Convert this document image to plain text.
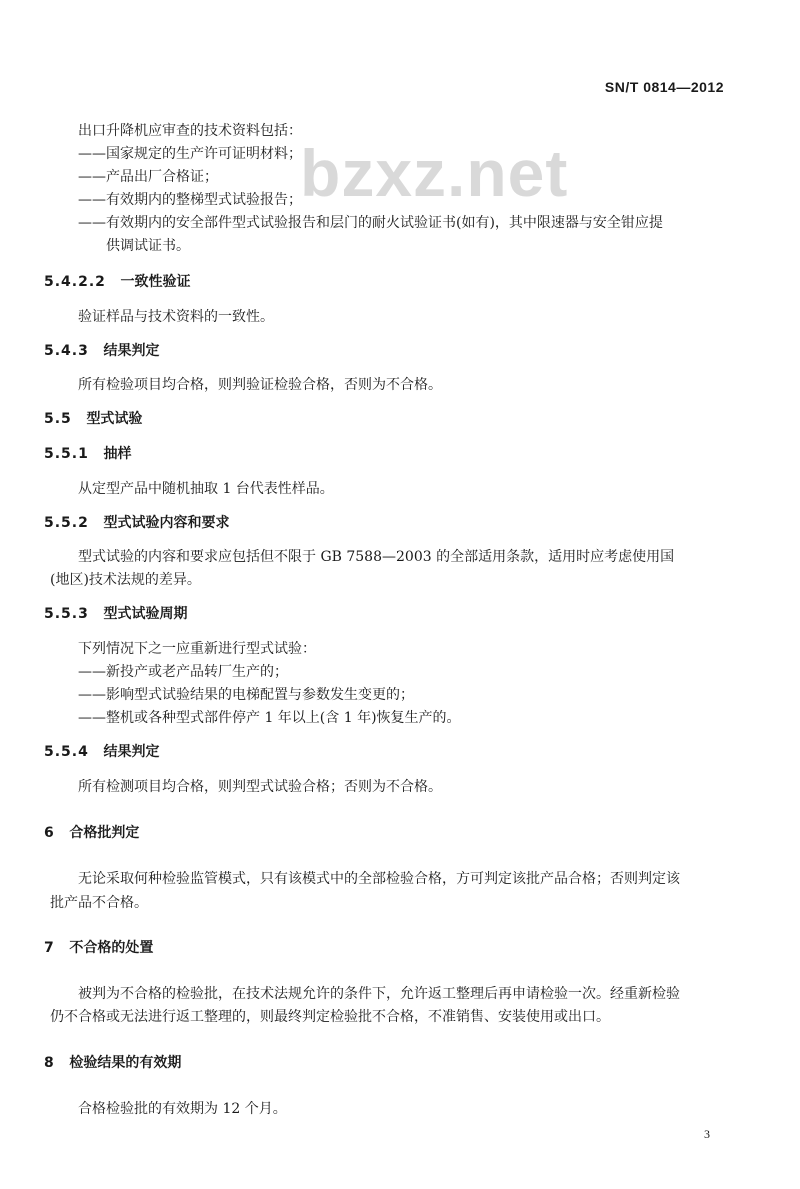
SN/T 0814—2012
bzxz.net
出口升降机应审查的技术资料包括：
——国家规定的生产许可证明材料；
——产品出厂合格证；
——有效期内的整梯型式试验报告；
——有效期内的安全部件型式试验报告和层门的耐火试验证书(如有)，其中限速器与安全钳应提
供调试证书。
5.4.2.2 一致性验证
验证样品与技术资料的一致性。
5.4.3 结果判定
所有检验项目均合格，则判验证检验合格，否则为不合格。
5.5 型式试验
5.5.1 抽样
从定型产品中随机抽取 1 台代表性样品。
5.5.2 型式试验内容和要求
型式试验的内容和要求应包括但不限于 GB 7588—2003 的全部适用条款，适用时应考虑使用国
(地区)技术法规的差异。
5.5.3 型式试验周期
下列情况下之一应重新进行型式试验：
——新投产或老产品转厂生产的；
——影响型式试验结果的电梯配置与参数发生变更的；
——整机或各种型式部件停产 1 年以上(含 1 年)恢复生产的。
5.5.4 结果判定
所有检测项目均合格，则判型式试验合格；否则为不合格。
6 合格批判定
无论采取何种检验监管模式，只有该模式中的全部检验合格，方可判定该批产品合格；否则判定该
批产品不合格。
7 不合格的处置
被判为不合格的检验批，在技术法规允许的条件下，允许返工整理后再申请检验一次。经重新检验
仍不合格或无法进行返工整理的，则最终判定检验批不合格，不准销售、安装使用或出口。
8 检验结果的有效期
合格检验批的有效期为 12 个月。
3
